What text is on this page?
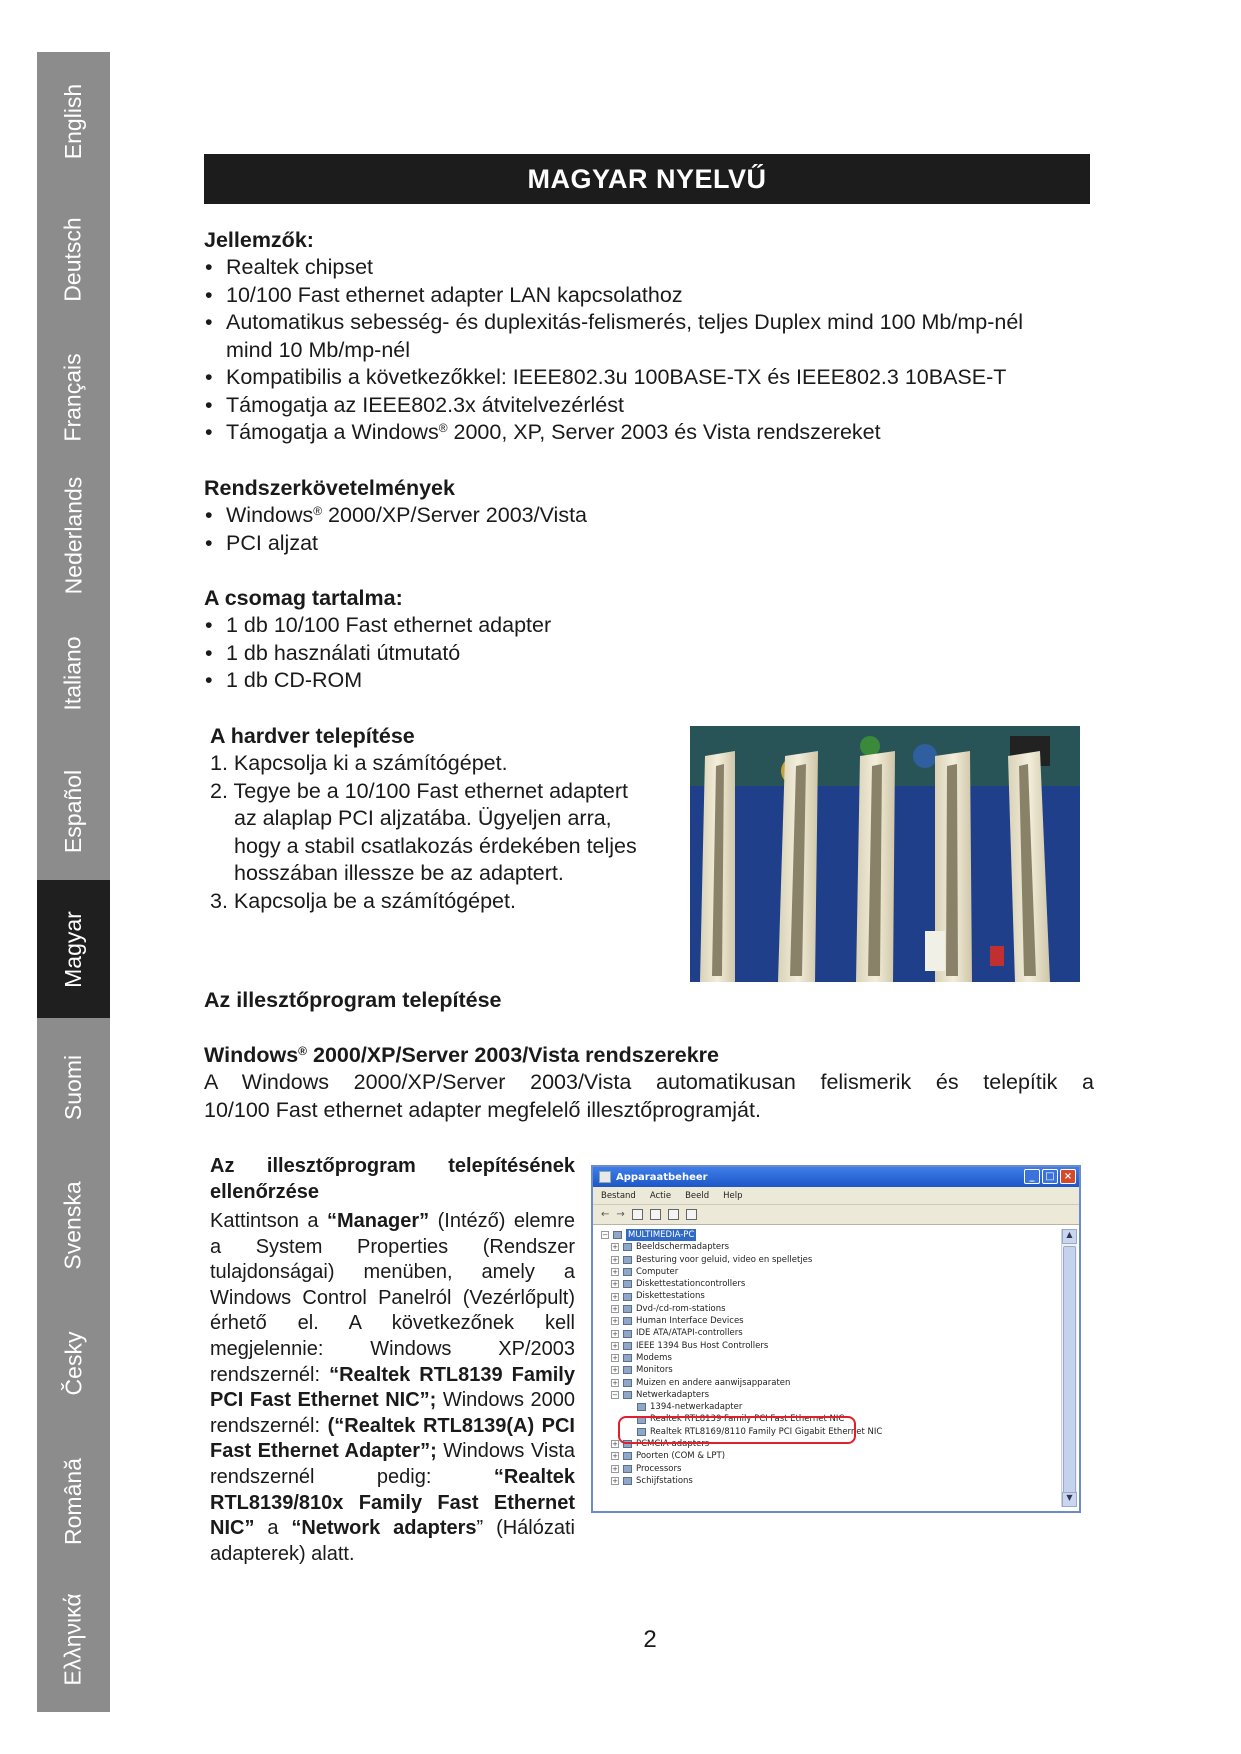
English
Deutsch
Français
Nederlands
Italiano
Español
Magyar
Suomi
Svenska
Česky
Română
Ελληνικά
MAGYAR NYELVŰ
Jellemzők:
• Realtek chipset
• 10/100 Fast ethernet adapter LAN kapcsolathoz
• Automatikus sebesség- és duplexitás-felismerés, teljes Duplex mind 100 Mb/mp-nél
mind 10 Mb/mp-nél
• Kompatibilis a következőkkel: IEEE802.3u 100BASE-TX és IEEE802.3 10BASE-T
• Támogatja az IEEE802.3x átvitelvezérlést
• Támogatja a Windows® 2000, XP, Server 2003 és Vista rendszereket
Rendszerkövetelmények
• Windows® 2000/XP/Server 2003/Vista
• PCI aljzat
A csomag tartalma:
• 1 db 10/100 Fast ethernet adapter
• 1 db használati útmutató
• 1 db CD-ROM
A hardver telepítése
1. Kapcsolja ki a számítógépet.
2. Tegye be a 10/100 Fast ethernet adaptert
az alaplap PCI aljzatába. Ügyeljen arra,
hogy a stabil csatlakozás érdekében teljes
hosszában illessze be az adaptert.
3. Kapcsolja be a számítógépet.
Az illesztőprogram telepítése
Windows® 2000/XP/Server 2003/Vista rendszerekre
A Windows 2000/XP/Server 2003/Vista automatikusan felismerik és telepítik a
10/100 Fast ethernet adapter megfelelő illesztőprogramját.
Az illesztőprogram telepítésének
ellenőrzése

Kattintson a “Manager” (Intéző) elemre a System Properties (Rendszer tulajdonságai) menüben, amely a Windows Control Panelról (Vezérlőpult) érhető el. A következőnek kell megjelennie: Windows XP/2003 rendszernél: “Realtek RTL8139 Family PCI Fast Ethernet NIC”; Windows 2000 rendszernél: (“Realtek RTL8139(A) PCI Fast Ethernet Adapter”; Windows Vista rendszernél pedig: “Realtek RTL8139/810x Family Fast Ethernet NIC” a “Network adapters” (Hálózati adapterek) alatt.

Apparaatbeheer	_	□ ×
Bestand Actie Beeld Help
← →
− MULTIMEDIA-PC
+ Beeldschermadapters
+ Besturing voor geluid, video en spelletjes
+ Computer
+ Diskettestationcontrollers
+ Diskettestations
+ Dvd-/cd-rom-stations
+ Human Interface Devices
+ IDE ATA/ATAPI-controllers
+ IEEE 1394 Bus Host Controllers
+ Modems
+ Monitors
+ Muizen en andere aanwijsapparaten
− Netwerkadapters
1394-netwerkadapter
Realtek RTL8139 Family PCI Fast Ethernet NIC
Realtek RTL8169/8110 Family PCI Gigabit Ethernet NIC
+ PCMCIA-adapters
+ Poorten (COM & LPT)
+ Processors
+ Schijfstations
▲
▼
2
